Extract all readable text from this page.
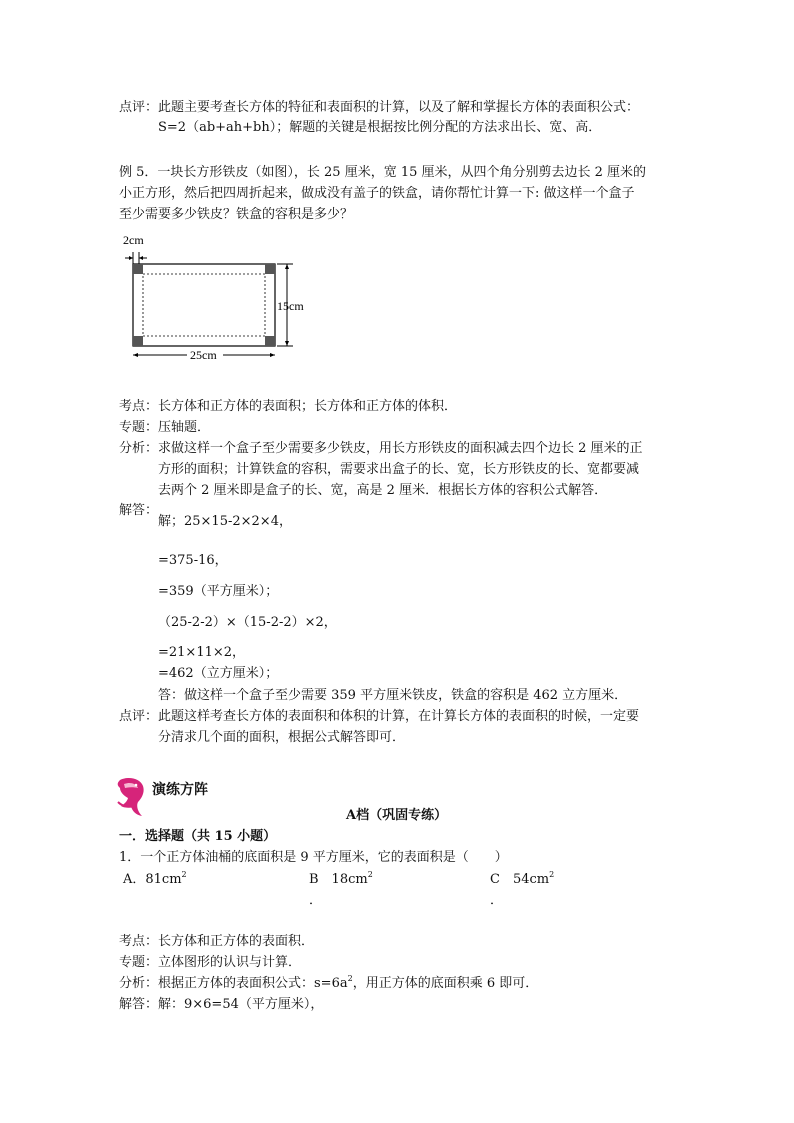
点评： 此题主要考查长方体的特征和表面积的计算，以及了解和掌握长方体的表面积公式：
S=2（ab+ah+bh）；解题的关键是根据按比例分配的方法求出长、宽、高．
例 5．一块长方形铁皮（如图），长 25 厘米，宽 15 厘米，从四个角分别剪去边长 2 厘米的
小正方形，然后把四周折起来，做成没有盖子的铁盒，请你帮忙计算一下: 做这样一个盒子
至少需要多少铁皮？铁盒的容积是多少？
2cm
15cm
25cm
考点： 长方体和正方体的表面积；长方体和正方体的体积．
专题： 压轴题．
分析： 求做这样一个盒子至少需要多少铁皮，用长方形铁皮的面积减去四个边长 2 厘米的正
方形的面积；计算铁盒的容积，需要求出盒子的长、宽，长方形铁皮的长、宽都要减
去两个 2 厘米即是盒子的长、宽，高是 2 厘米．根据长方体的容积公式解答．
解答：
解；25×15-2×2×4，
=375-16，
=359（平方厘米）；
（25-2-2）×（15-2-2）×2，
=21×11×2，
=462（立方厘米）；
答：做这样一个盒子至少需要 359 平方厘米铁皮，铁盒的容积是 462 立方厘米．
点评： 此题这样考查长方体的表面积和体积的计算，在计算长方体的表面积的时候，一定要
分清求几个面的面积，根据公式解答即可．
演练方阵
A档（巩固专练）
一．选择题（共 15 小题）
1．一个正方体油桶的底面积是 9 平方厘米，它的表面积是（　　）
A．$81cm^2$	B　$18cm^2$	C　$54cm^2$
．	．
考点： 长方体和正方体的表面积．
专题： 立体图形的认识与计算．
分析： 根据正方体的表面积公式：$s=6a^2$，用正方体的底面积乘 6 即可．
解答： 解：9×6=54（平方厘米），
